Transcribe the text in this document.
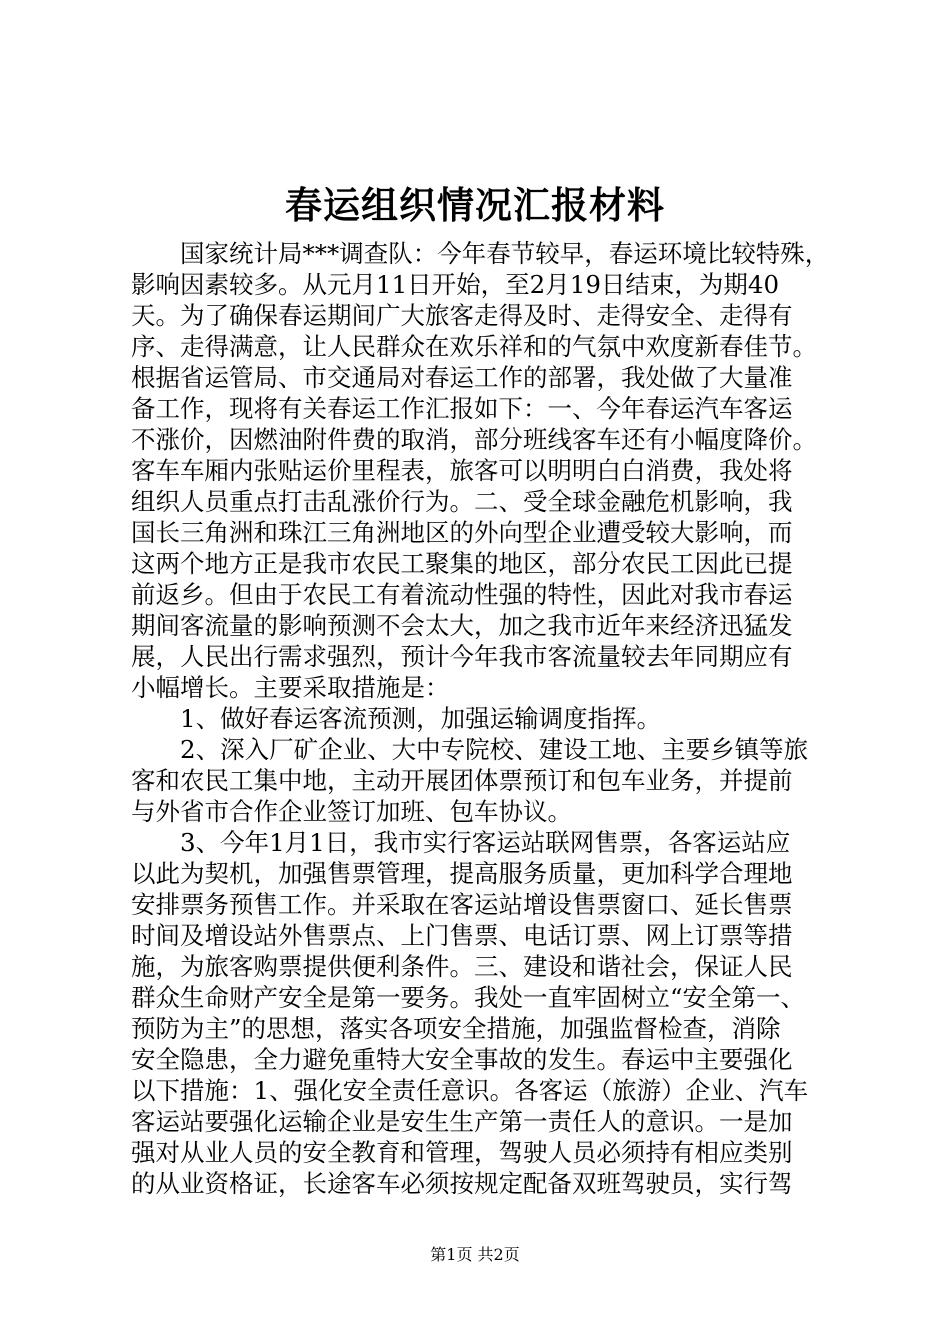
春运组织情况汇报材料
　　国家统计局***调查队：今年春节较早，春运环境比较特殊，
影响因素较多。从元月11日开始，至2月19日结束，为期40
天。为了确保春运期间广大旅客走得及时、走得安全、走得有
序、走得满意，让人民群众在欢乐祥和的气氛中欢度新春佳节。
根据省运管局、市交通局对春运工作的部署，我处做了大量准
备工作，现将有关春运工作汇报如下：一、今年春运汽车客运
不涨价，因燃油附件费的取消，部分班线客车还有小幅度降价。
客车车厢内张贴运价里程表，旅客可以明明白白消费，我处将
组织人员重点打击乱涨价行为。二、受全球金融危机影响，我
国长三角洲和珠江三角洲地区的外向型企业遭受较大影响，而
这两个地方正是我市农民工聚集的地区，部分农民工因此已提
前返乡。但由于农民工有着流动性强的特性，因此对我市春运
期间客流量的影响预测不会太大，加之我市近年来经济迅猛发
展，人民出行需求强烈，预计今年我市客流量较去年同期应有
小幅增长。主要采取措施是：
　　1、做好春运客流预测，加强运输调度指挥。
　　2、深入厂矿企业、大中专院校、建设工地、主要乡镇等旅
客和农民工集中地，主动开展团体票预订和包车业务，并提前
与外省市合作企业签订加班、包车协议。
　　3、今年1月1日，我市实行客运站联网售票，各客运站应
以此为契机，加强售票管理，提高服务质量，更加科学合理地
安排票务预售工作。并采取在客运站增设售票窗口、延长售票
时间及增设站外售票点、上门售票、电话订票、网上订票等措
施，为旅客购票提供便利条件。三、建设和谐社会，保证人民
群众生命财产安全是第一要务。我处一直牢固树立“安全第一、
预防为主”的思想，落实各项安全措施，加强监督检查，消除
安全隐患，全力避免重特大安全事故的发生。春运中主要强化
以下措施：1、强化安全责任意识。各客运（旅游）企业、汽车
客运站要强化运输企业是安生生产第一责任人的意识。一是加
强对从业人员的安全教育和管理，驾驶人员必须持有相应类别
的从业资格证，长途客车必须按规定配备双班驾驶员，实行驾
第1页 共2页
